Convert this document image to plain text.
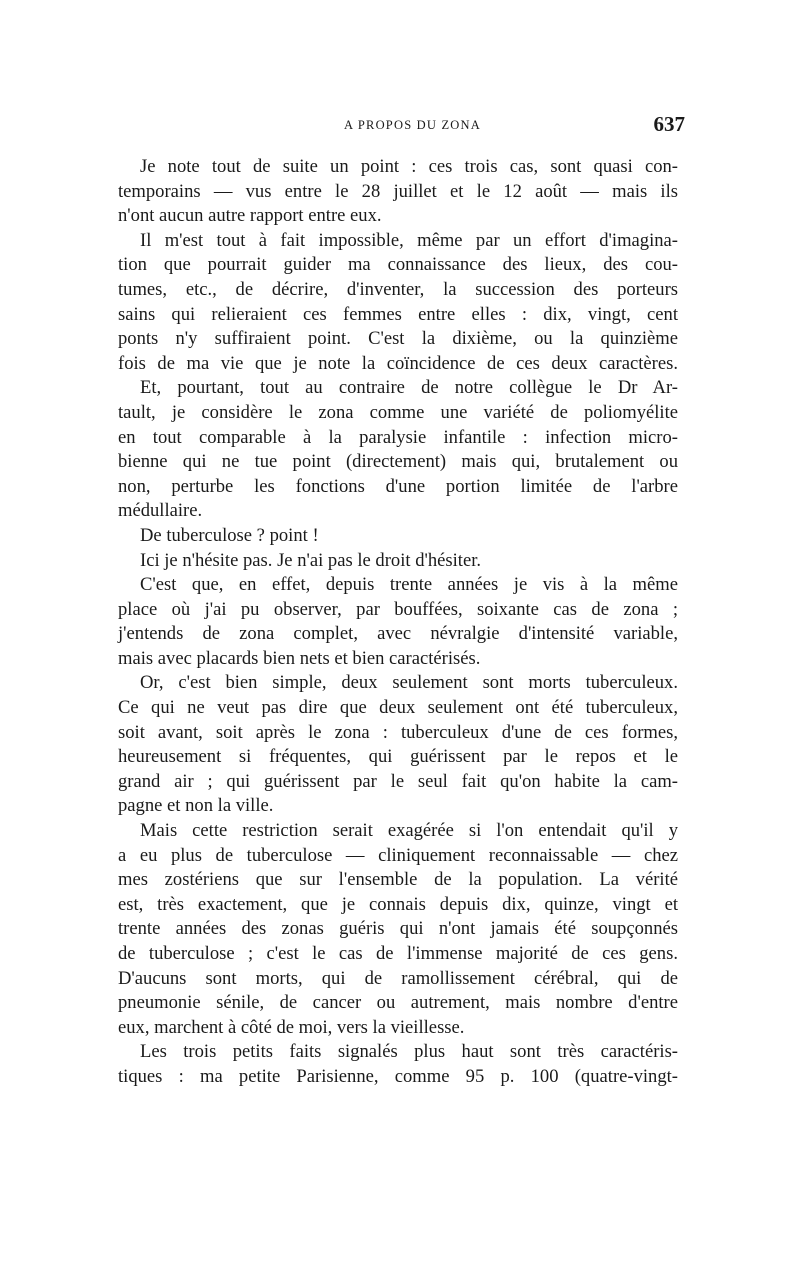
A PROPOS DU ZONA	637
Je note tout de suite un point : ces trois cas, sont quasi con-
temporains — vus entre le 28 juillet et le 12 août — mais ils
n'ont aucun autre rapport entre eux.
Il m'est tout à fait impossible, même par un effort d'imagina-
tion que pourrait guider ma connaissance des lieux, des cou-
tumes, etc., de décrire, d'inventer, la succession des porteurs
sains qui relieraient ces femmes entre elles : dix, vingt, cent
ponts n'y suffiraient point. C'est la dixième, ou la quinzième
fois de ma vie que je note la coïncidence de ces deux caractères.
Et, pourtant, tout au contraire de notre collègue le Dr Ar-
tault, je considère le zona comme une variété de poliomyélite
en tout comparable à la paralysie infantile : infection micro-
bienne qui ne tue point (directement) mais qui, brutalement ou
non, perturbe les fonctions d'une portion limitée de l'arbre
médullaire.
De tuberculose ? point !
Ici je n'hésite pas. Je n'ai pas le droit d'hésiter.
C'est que, en effet, depuis trente années je vis à la même
place où j'ai pu observer, par bouffées, soixante cas de zona ;
j'entends de zona complet, avec névralgie d'intensité variable,
mais avec placards bien nets et bien caractérisés.
Or, c'est bien simple, deux seulement sont morts tuberculeux.
Ce qui ne veut pas dire que deux seulement ont été tuberculeux,
soit avant, soit après le zona : tuberculeux d'une de ces formes,
heureusement si fréquentes, qui guérissent par le repos et le
grand air ; qui guérissent par le seul fait qu'on habite la cam-
pagne et non la ville.
Mais cette restriction serait exagérée si l'on entendait qu'il y
a eu plus de tuberculose — cliniquement reconnaissable — chez
mes zostériens que sur l'ensemble de la population. La vérité
est, très exactement, que je connais depuis dix, quinze, vingt et
trente années des zonas guéris qui n'ont jamais été soupçonnés
de tuberculose ; c'est le cas de l'immense majorité de ces gens.
D'aucuns sont morts, qui de ramollissement cérébral, qui de
pneumonie sénile, de cancer ou autrement, mais nombre d'entre
eux, marchent à côté de moi, vers la vieillesse.
Les trois petits faits signalés plus haut sont très caractéris-
tiques : ma petite Parisienne, comme 95 p. 100 (quatre-vingt-
